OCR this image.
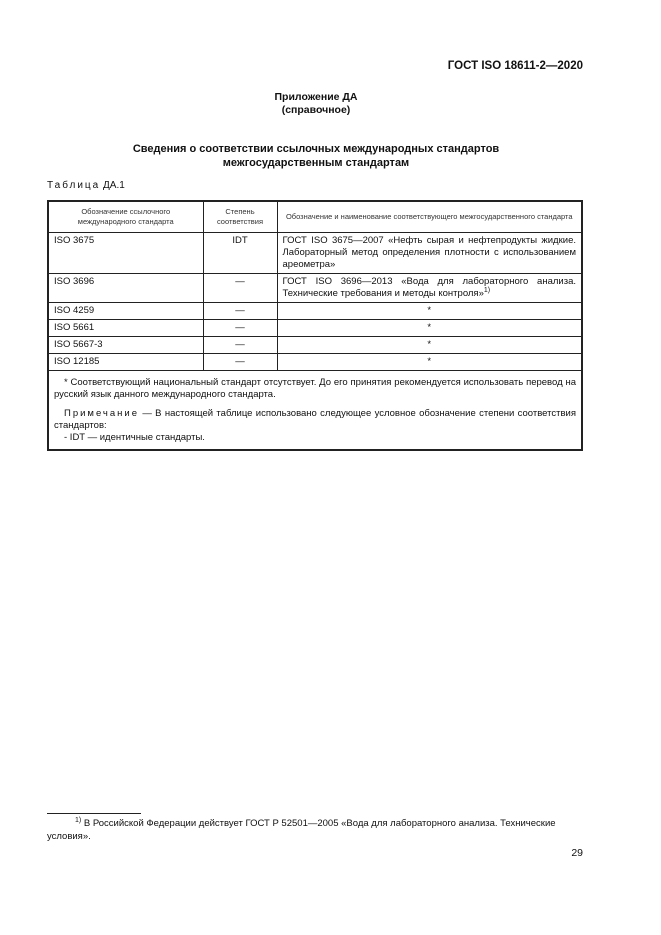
ГОСТ ISO 18611-2—2020
Приложение ДА
(справочное)
Сведения о соответствии ссылочных международных стандартов
межгосударственным стандартам
Таблица ДА.1
Обозначение ссылочного международного стандарта	Степень соответствия	Обозначение и наименование соответствующего межгосударственного стандарта
ISO 3675	IDT	ГОСТ ISO 3675—2007 «Нефть сырая и нефтепродукты жидкие. Лабораторный метод определения плотности с использованием ареометра»
ISO 3696	—	ГОСТ ISO 3696—2013 «Вода для лабораторного анализа. Технические требования и методы контроля»$^{1)}$
ISO 4259	—	*
ISO 5661	—	*
ISO 5667-3	—	*
ISO 12185	—	*

* Соответствующий национальный стандарт отсутствует. До его принятия рекомендуется использовать перевод на русский язык данного международного стандарта.

Примечание — В настоящей таблице использовано следующее условное обозначение степени соответствия стандартов:

- IDT — идентичные стандарты.		

$^{1)}$ В Российской Федерации действует ГОСТ Р 52501—2005 «Вода для лабораторного анализа. Технические условия».
29
